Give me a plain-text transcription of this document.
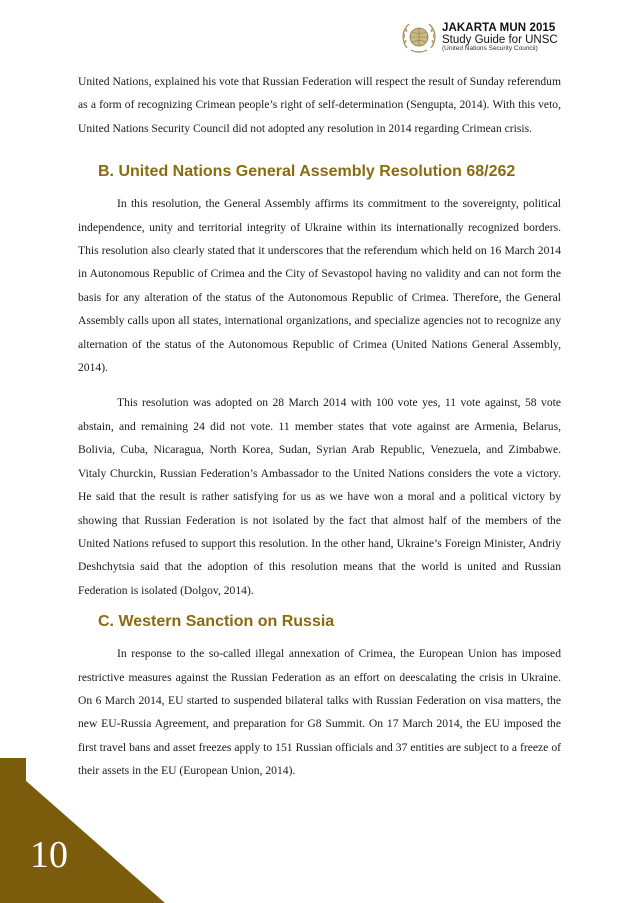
JAKARTA MUN 2015
Study Guide for UNSC
(United Nations Security Council)

United Nations, explained his vote that Russian Federation will respect the result of Sunday referendum as a form of recognizing Crimean people’s right of self-determination (Sengupta, 2014). With this veto, United Nations Security Council did not adopted any resolution in 2014 regarding Crimean crisis.

B. United Nations General Assembly Resolution 68/262

In this resolution, the General Assembly affirms its commitment to the sovereignty, political independence, unity and territorial integrity of Ukraine within its internationally recognized borders. This resolution also clearly stated that it underscores that the referendum which held on 16 March 2014 in Autonomous Republic of Crimea and the City of Sevastopol having no validity and can not form the basis for any alteration of the status of the Autonomous Republic of Crimea. Therefore, the General Assembly calls upon all states, international organizations, and specialize agencies not to recognize any alternation of the status of the Autonomous Republic of Crimea (United Nations General Assembly, 2014).

This resolution was adopted on 28 March 2014 with 100 vote yes, 11 vote against, 58 vote abstain, and remaining 24 did not vote. 11 member states that vote against are Armenia, Belarus, Bolivia, Cuba, Nicaragua, North Korea, Sudan, Syrian Arab Republic, Venezuela, and Zimbabwe. Vitaly Churckin, Russian Federation’s Ambassador to the United Nations considers the vote a victory. He said that the result is rather satisfying for us as we have won a moral and a political victory by showing that Russian Federation is not isolated by the fact that almost half of the members of the United Nations refused to support this resolution. In the other hand, Ukraine’s Foreign Minister, Andriy Deshchytsia said that the adoption of this resolution means that the world is united and Russian Federation is isolated (Dolgov, 2014).

C. Western Sanction on Russia

In response to the so-called illegal annexation of Crimea, the European Union has imposed restrictive measures against the Russian Federation as an effort on deescalating the crisis in Ukraine. On 6 March 2014, EU started to suspended bilateral talks with Russian Federation on visa matters, the new EU-Russia Agreement, and preparation for G8 Summit. On 17 March 2014, the EU imposed the first travel bans and asset freezes apply to 151 Russian officials and 37 entities are subject to a freeze of their assets in the EU (European Union, 2014).

10
